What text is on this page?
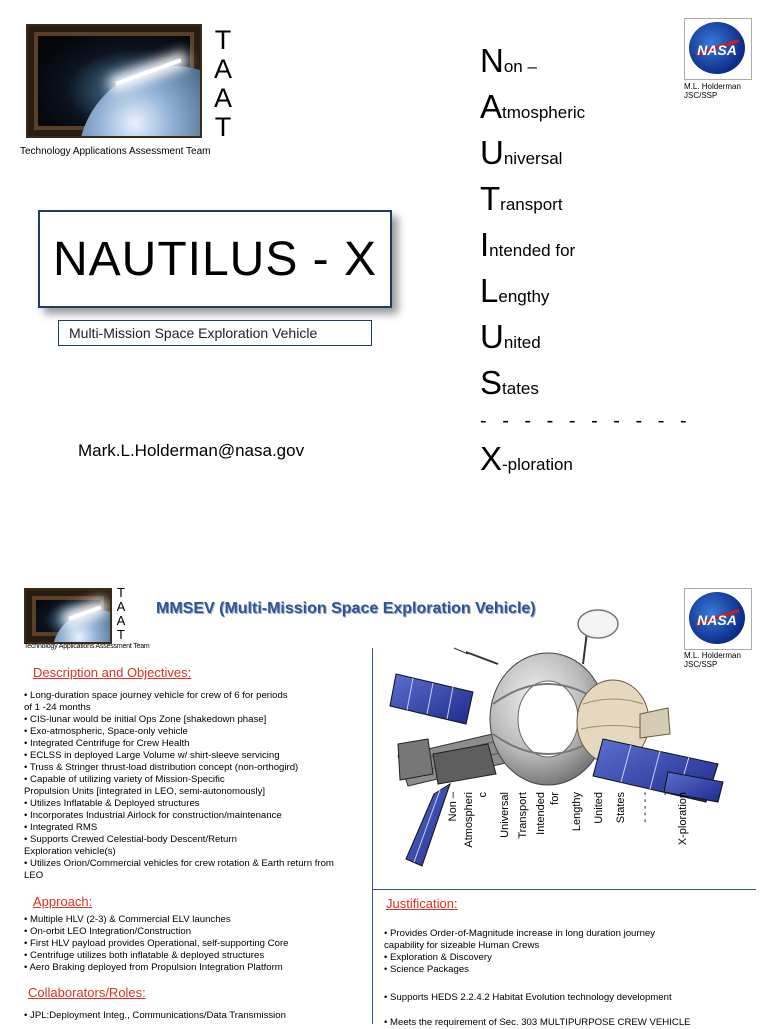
T
A
A
T
Technology Applications Assessment Team
NASA
M.L. Holderman
JSC/SSP
NAUTILUS - X
Multi-Mission Space Exploration Vehicle
Mark.L.Holderman@nasa.gov
Non –
Atmospheric
Universal
Transport
Intended for
Lengthy
United
States
- - - - - - - - - -
X-ploration
T
A
A
T
Technology Applications Assessment Team
MMSEV (Multi-Mission Space Exploration Vehicle)
NASA
M.L. Holderman
JSC/SSP
Description and Objectives:
• Long-duration space journey vehicle for crew of 6 for periods
of 1 -24 months
• CIS-lunar would be initial Ops Zone [shakedown phase]
• Exo-atmospheric, Space-only vehicle
• Integrated Centrifuge for Crew Health
• ECLSS in deployed Large Volume w/ shirt-sleeve servicing
• Truss & Stringer thrust-load distribution concept (non-orthogird)
• Capable of utilizing variety of Mission-Specific
Propulsion Units [integrated in LEO, semi-autonomously]
• Utilizes Inflatable & Deployed structures
• Incorporates Industrial Airlock for construction/maintenance
• Integrated RMS
• Supports Crewed Celestial-body Descent/Return
Exploration vehicle(s)
• Utilizes Orion/Commercial vehicles for crew rotation & Earth return from
LEO
Approach:
• Multiple HLV (2-3) & Commercial ELV launches
• On-orbit LEO Integration/Construction
• First HLV payload provides Operational, self-supporting Core
• Centrifuge utilizes both inflatable & deployed structures
• Aero Braking deployed from Propulsion Integration Platform
Collaborators/Roles:
• JPL:Deployment Integ., Communications/Data Transmission
Justification:
• Provides Order-of-Magnitude increase in long duration journey
capability for sizeable Human Crews
• Exploration & Discovery
• Science Packages
• Supports HEDS 2.2.4.2 Habitat Evolution technology development
• Meets the requirement of Sec. 303 MULTIPURPOSE CREW VEHICLE
Non – Atmospheri c Universal Transport Intended for Lengthy United States - - - - - - X-ploration
